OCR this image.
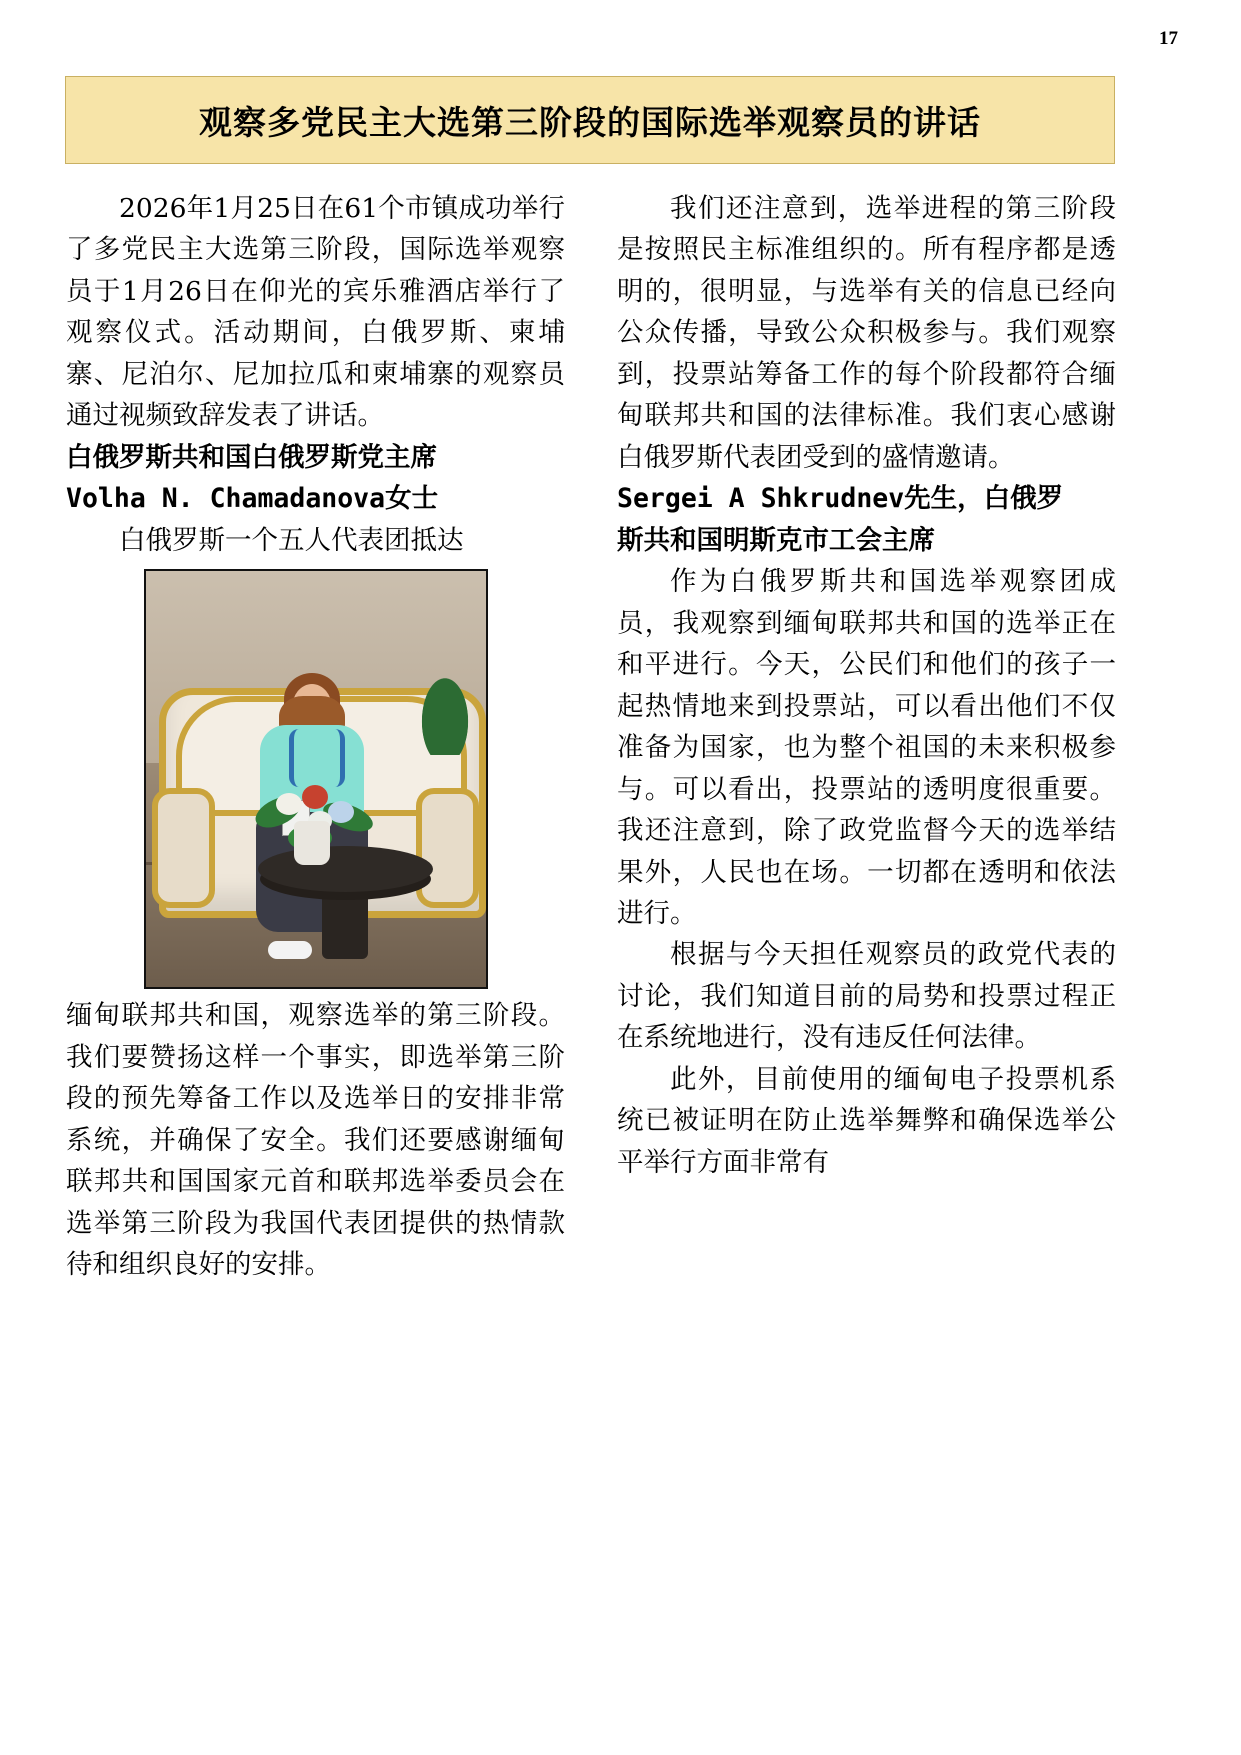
17
观察多党民主大选第三阶段的国际选举观察员的讲话

2026年1月25日在61个市镇成功举行了多党民主大选第三阶段，国际选举观察员于1月26日在仰光的宾乐雅酒店举行了观察仪式。活动期间，白俄罗斯、柬埔寨、尼泊尔、尼加拉瓜和柬埔寨的观察员通过视频致辞发表了讲话。

白俄罗斯共和国白俄罗斯党主席

Volha N. Chamadanova女士

白俄罗斯一个五人代表团抵达

缅甸联邦共和国，观察选举的第三阶段。我们要赞扬这样一个事实，即选举第三阶段的预先筹备工作以及选举日的安排非常系统，并确保了安全。我们还要感谢缅甸联邦共和国国家元首和联邦选举委员会在选举第三阶段为我国代表团提供的热情款待和组织良好的安排。

我们还注意到，选举进程的第三阶段是按照民主标准组织的。所有程序都是透明的，很明显，与选举有关的信息已经向公众传播，导致公众积极参与。我们观察到，投票站筹备工作的每个阶段都符合缅甸联邦共和国的法律标准。我们衷心感谢白俄罗斯代表团受到的盛情邀请。

Sergei A Shkrudnev先生，白俄罗

斯共和国明斯克市工会主席

作为白俄罗斯共和国选举观察团成员，我观察到缅甸联邦共和国的选举正在和平进行。今天，公民们和他们的孩子一起热情地来到投票站，可以看出他们不仅准备为国家，也为整个祖国的未来积极参与。可以看出，投票站的透明度很重要。我还注意到，除了政党监督今天的选举结果外，人民也在场。一切都在透明和依法进行。

根据与今天担任观察员的政党代表的讨论，我们知道目前的局势和投票过程正在系统地进行，没有违反任何法律。

此外，目前使用的缅甸电子投票机系统已被证明在防止选举舞弊和确保选举公平举行方面非常有
